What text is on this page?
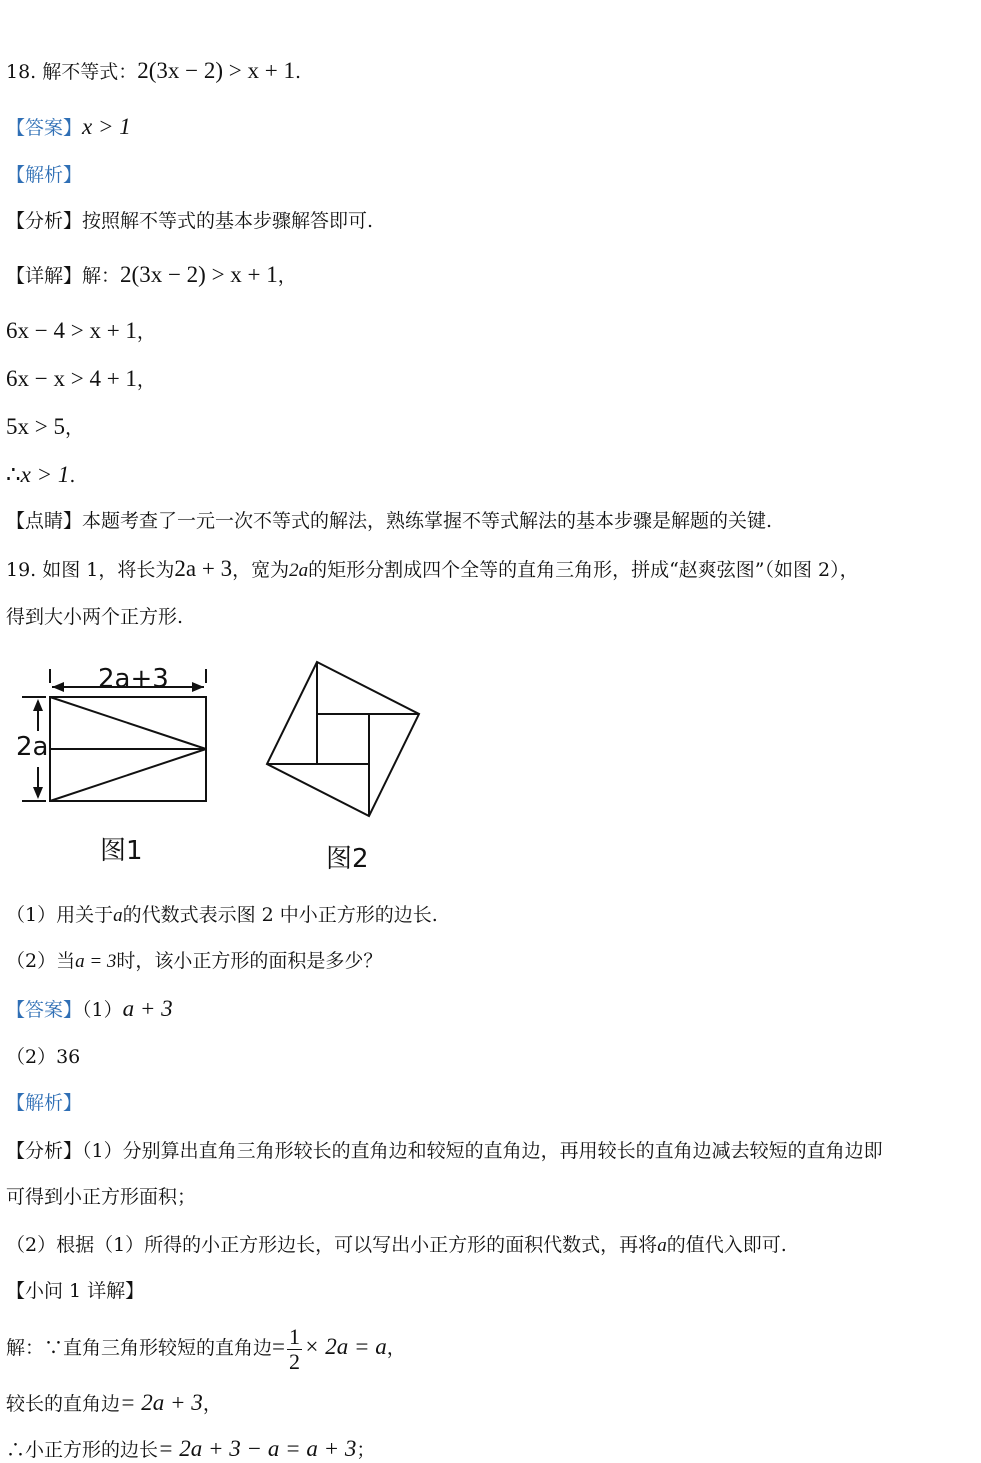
18. 解不等式：2(3x − 2) > x + 1.
【答案】x > 1
【解析】
【分析】按照解不等式的基本步骤解答即可.
【详解】解：2(3x − 2) > x + 1，
6x − 4 > x + 1，
6x − x > 4 + 1，
5x > 5，
∴x > 1.
【点睛】本题考查了一元一次不等式的解法，熟练掌握不等式解法的基本步骤是解题的关键.
19. 如图 1，将长为2a + 3，宽为2a的矩形分割成四个全等的直角三角形，拼成“赵爽弦图”（如图 2），
得到大小两个正方形.
2a+3
2a
图1	图2
（1）用关于a的代数式表示图 2 中小正方形的边长.
（2）当a = 3时，该小正方形的面积是多少？
【答案】（1）a + 3
（2）36
【解析】
【分析】（1）分别算出直角三角形较长的直角边和较短的直角边，再用较长的直角边减去较短的直角边即
可得到小正方形面积；
（2）根据（1）所得的小正方形边长，可以写出小正方形的面积代数式，再将a的值代入即可.
【小问 1 详解】
解：∵直角三角形较短的直角边= $\frac{1}{2} \times 2a = a$，
较长的直角边= 2a + 3，
∴小正方形的边长= 2a + 3 − a = a + 3；
